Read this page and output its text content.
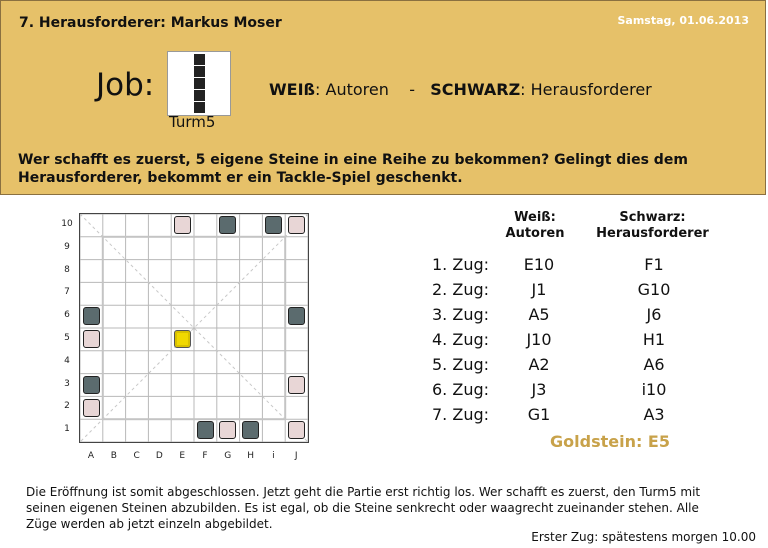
7. Herausforderer: Markus Moser	Samstag, 01.06.2013
Job:
Turm5
WEIß: Autoren - SCHWARZ: Herausforderer
Wer schafft es zuerst, 5 eigene Steine in eine Reihe zu bekommen? Gelingt dies dem Herausforderer, bekommt er ein Tackle-Spiel geschenkt.
10
9
8
7
6
5
4
3
2
1
A	B	C	D	E	F	G	H	i	J
Weiß:
Autoren
Schwarz:
Herausforderer
1. Zug:	E10	F1
2. Zug:	J1	G10
3. Zug:	A5	J6
4. Zug:	J10	H1
5. Zug:	A2	A6
6. Zug:	J3	i10
7. Zug:	G1	A3
Goldstein: E5
Die Eröffnung ist somit abgeschlossen. Jetzt geht die Partie erst richtig los. Wer schafft es zuerst, den Turm5 mit seinen eigenen Steinen abzubilden. Es ist egal, ob die Steine senkrecht oder waagrecht zueinander stehen. Alle Züge werden ab jetzt einzeln abgebildet.
Erster Zug: spätestens morgen 10.00
